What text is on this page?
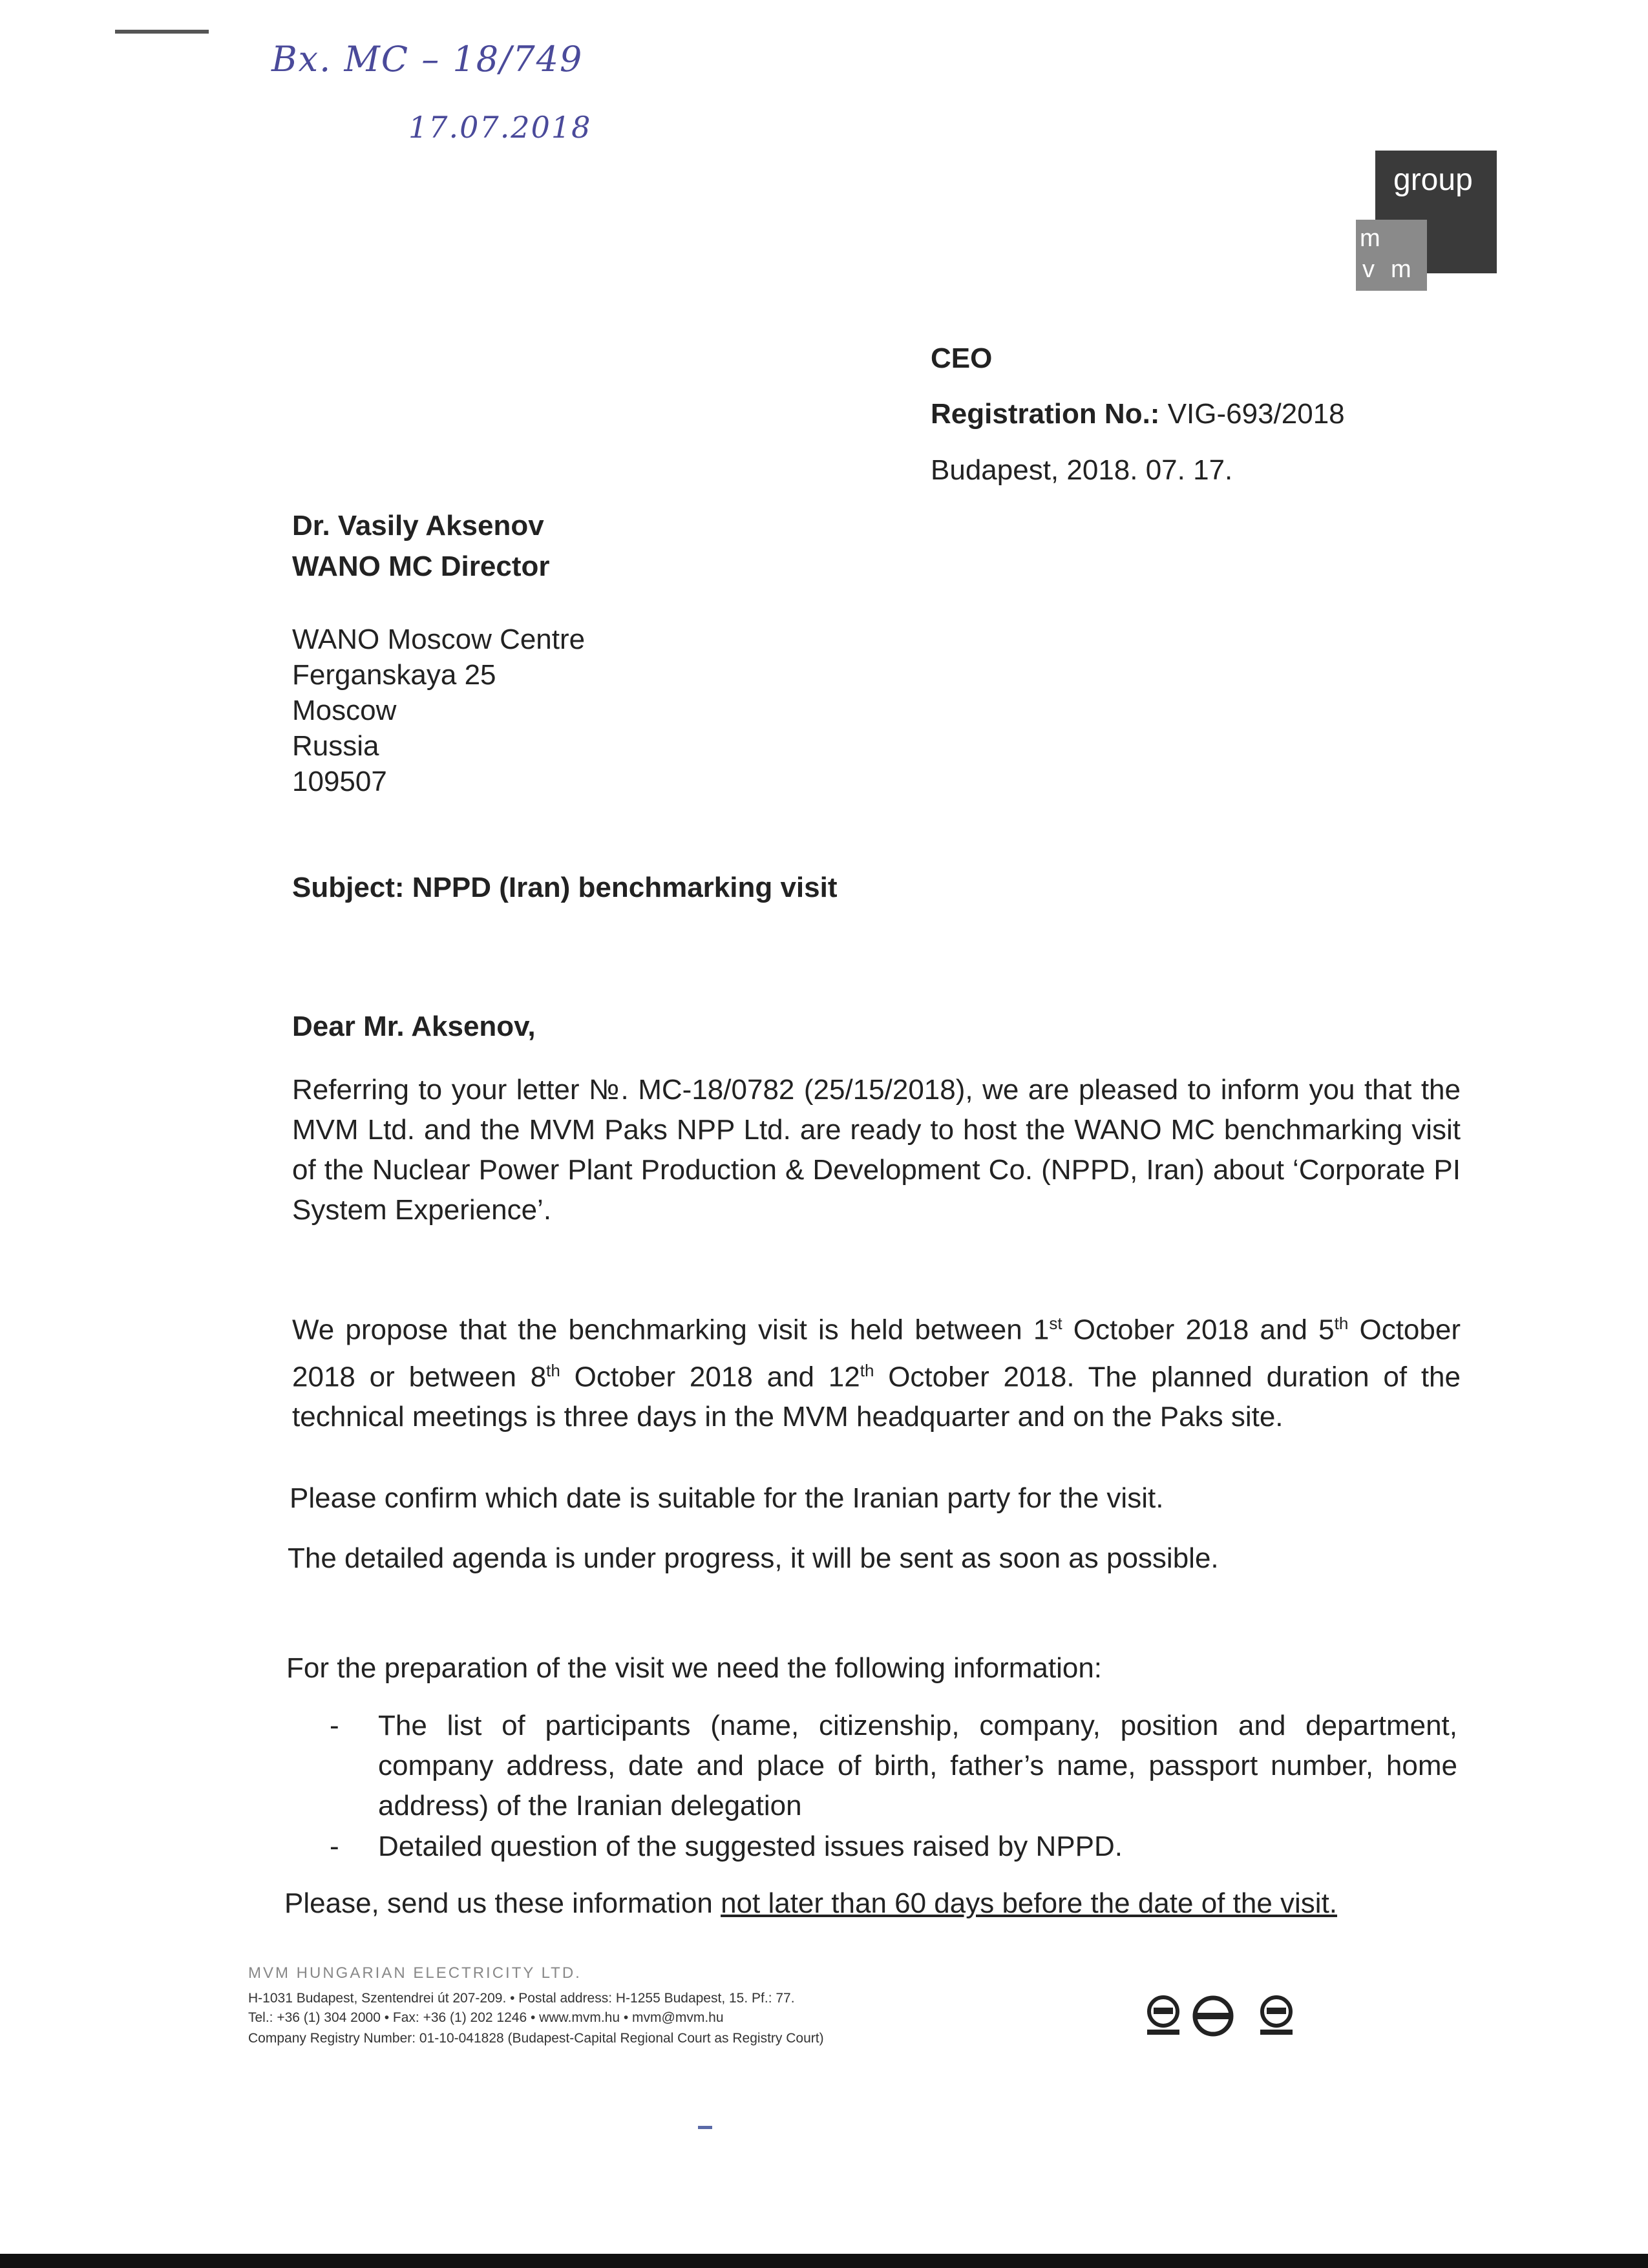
Bx. MC – 18/749
17.07.2018
group
m
v m
CEO
Registration No.: VIG-693/2018
Budapest, 2018. 07. 17.
Dr. Vasily Aksenov
WANO MC Director
WANO Moscow Centre
Ferganskaya 25
Moscow
Russia
109507
Subject: NPPD (Iran) benchmarking visit
Dear Mr. Aksenov,
Referring to your letter №. MC-18/0782 (25/15/2018), we are pleased to inform you that the MVM Ltd. and the MVM Paks NPP Ltd. are ready to host the WANO MC benchmarking visit of the Nuclear Power Plant Production & Development Co. (NPPD, Iran) about ‘Corporate PI System Experience’.
We propose that the benchmarking visit is held between 1st October 2018 and 5th October 2018 or between 8th October 2018 and 12th October 2018. The planned duration of the technical meetings is three days in the MVM headquarter and on the Paks site.
Please confirm which date is suitable for the Iranian party for the visit.
The detailed agenda is under progress, it will be sent as soon as possible.
For the preparation of the visit we need the following information:
- The list of participants (name, citizenship, company, position and department, company address, date and place of birth, father’s name, passport number, home address) of the Iranian delegation
- Detailed question of the suggested issues raised by NPPD.
Please, send us these information not later than 60 days before the date of the visit.
MVM HUNGARIAN ELECTRICITY LTD.
H-1031 Budapest, Szentendrei út 207-209. • Postal address: H-1255 Budapest, 15. Pf.: 77.
Tel.: +36 (1) 304 2000 • Fax: +36 (1) 202 1246 • www.mvm.hu • mvm@mvm.hu
Company Registry Number: 01-10-041828 (Budapest-Capital Regional Court as Registry Court)
